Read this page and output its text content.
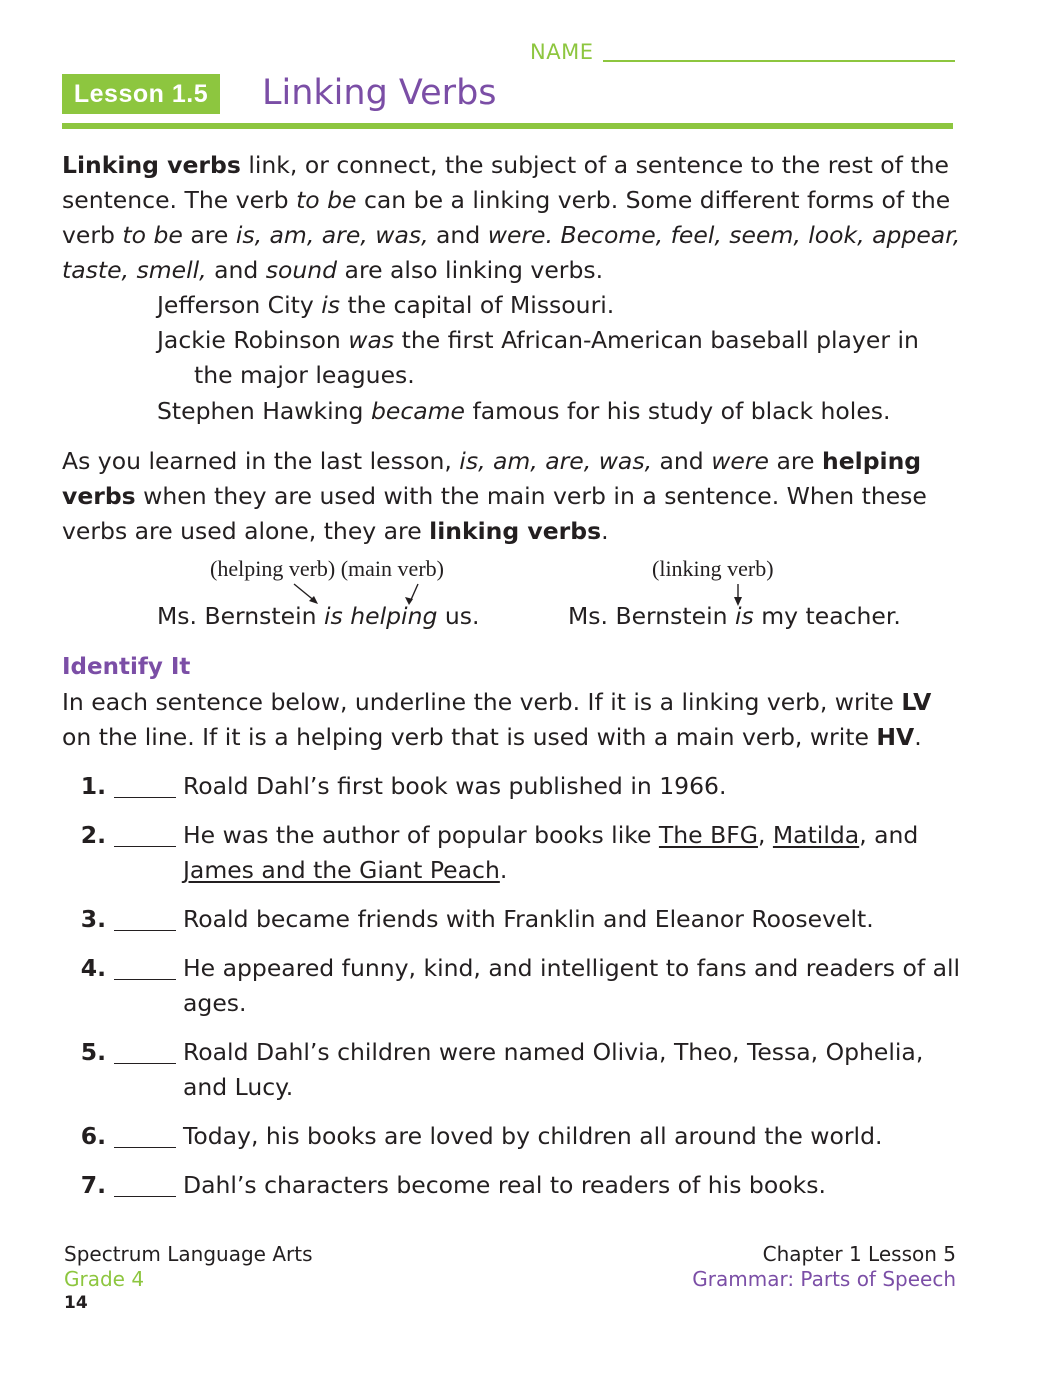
NAME
Lesson 1.5	Linking Verbs
Linking verbs link, or connect, the subject of a sentence to the rest of the sentence. The verb to be can be a linking verb. Some different forms of the verb to be are is, am, are, was, and were. Become, feel, seem, look, appear, taste, smell, and sound are also linking verbs.
Jefferson City is the capital of Missouri.
Jackie Robinson was the first African-American baseball player in
the major leagues.
Stephen Hawking became famous for his study of black holes.
As you learned in the last lesson, is, am, are, was, and were are helping verbs when they are used with the main verb in a sentence. When these verbs are used alone, they are linking verbs.
(helping verb) (main verb)
Ms. Bernstein is helping us.
(linking verb)
Ms. Bernstein is my teacher.
Identify It
In each sentence below, underline the verb. If it is a linking verb, write LV on the line. If it is a helping verb that is used with a main verb, write HV.
1.	Roald Dahl’s first book was published in 1966.
2.	He was the author of popular books like The BFG, Matilda, and James and the Giant Peach.
3.	Roald became friends with Franklin and Eleanor Roosevelt.
4.	He appeared funny, kind, and intelligent to fans and readers of all ages.
5.	Roald Dahl’s children were named Olivia, Theo, Tessa, Ophelia, and Lucy.
6.	Today, his books are loved by children all around the world.
7.	Dahl’s characters become real to readers of his books.
Spectrum Language Arts
Grade 4
14
Chapter 1 Lesson 5
Grammar: Parts of Speech
